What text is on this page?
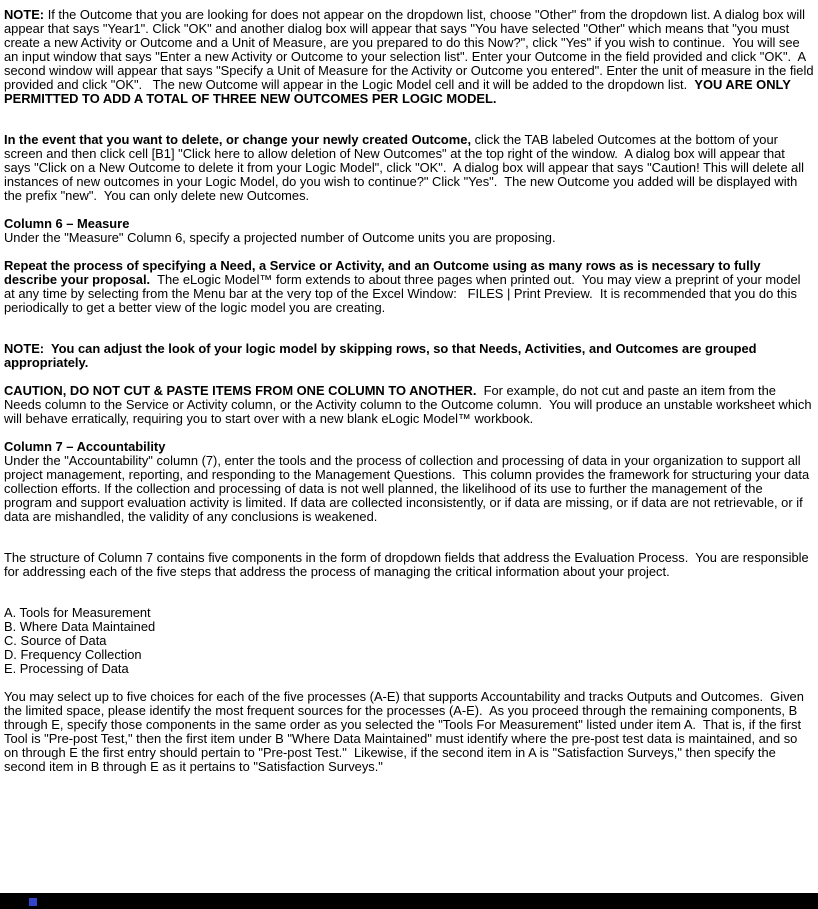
NOTE: If the Outcome that you are looking for does not appear on the dropdown list, choose "Other" from the dropdown list. A dialog box will appear that says "Year1". Click "OK" and another dialog box will appear that says "You have selected "Other" which means that "you must create a new Activity or Outcome and a Unit of Measure, are you prepared to do this Now?", click "Yes" if you wish to continue.  You will see an input window that says "Enter a new Activity or Outcome to your selection list". Enter your Outcome in the field provided and click "OK".  A second window will appear that says "Specify a Unit of Measure for the Activity or Outcome you entered". Enter the unit of measure in the field provided and click "OK".   The new Outcome will appear in the Logic Model cell and it will be added to the dropdown list.  YOU ARE ONLY PERMITTED TO ADD A TOTAL OF THREE NEW OUTCOMES PER LOGIC MODEL.

In the event that you want to delete, or change your newly created Outcome, click the TAB labeled Outcomes at the bottom of your screen and then click cell [B1] "Click here to allow deletion of New Outcomes" at the top right of the window.  A dialog box will appear that says "Click on a New Outcome to delete it from your Logic Model", click "OK".  A dialog box will appear that says "Caution! This will delete all instances of new outcomes in your Logic Model, do you wish to continue?" Click "Yes".  The new Outcome you added will be displayed with the prefix "new".  You can only delete new Outcomes.

Column 6 – Measure
Under the "Measure" Column 6, specify a projected number of Outcome units you are proposing.

Repeat the process of specifying a Need, a Service or Activity, and an Outcome using as many rows as is necessary to fully describe your proposal.  The eLogic Model™ form extends to about three pages when printed out.  You may view a preprint of your model at any time by selecting from the Menu bar at the very top of the Excel Window:   FILES | Print Preview.  It is recommended that you do this periodically to get a better view of the logic model you are creating.

NOTE:  You can adjust the look of your logic model by skipping rows, so that Needs, Activities, and Outcomes are grouped appropriately.

CAUTION, DO NOT CUT & PASTE ITEMS FROM ONE COLUMN TO ANOTHER.  For example, do not cut and paste an item from the Needs column to the Service or Activity column, or the Activity column to the Outcome column.  You will produce an unstable worksheet which will behave erratically, requiring you to start over with a new blank eLogic Model™ workbook.

Column 7 – Accountability
Under the "Accountability" column (7), enter the tools and the process of collection and processing of data in your organization to support all project management, reporting, and responding to the Management Questions.  This column provides the framework for structuring your data collection efforts. If the collection and processing of data is not well planned, the likelihood of its use to further the management of the program and support evaluation activity is limited. If data are collected inconsistently, or if data are missing, or if data are not retrievable, or if data are mishandled, the validity of any conclusions is weakened.

The structure of Column 7 contains five components in the form of dropdown fields that address the Evaluation Process.  You are responsible for addressing each of the five steps that address the process of managing the critical information about your project.

A. Tools for Measurement
B. Where Data Maintained
C. Source of Data
D. Frequency Collection
E. Processing of Data

You may select up to five choices for each of the five processes (A-E) that supports Accountability and tracks Outputs and Outcomes.  Given the limited space, please identify the most frequent sources for the processes (A-E).  As you proceed through the remaining components, B through E, specify those components in the same order as you selected the "Tools For Measurement" listed under item A.  That is, if the first Tool is "Pre-post Test," then the first item under B "Where Data Maintained" must identify where the pre-post test data is maintained, and so on through E the first entry should pertain to "Pre-post Test."  Likewise, if the second item in A is "Satisfaction Surveys," then specify the second item in B through E as it pertains to "Satisfaction Surveys."
